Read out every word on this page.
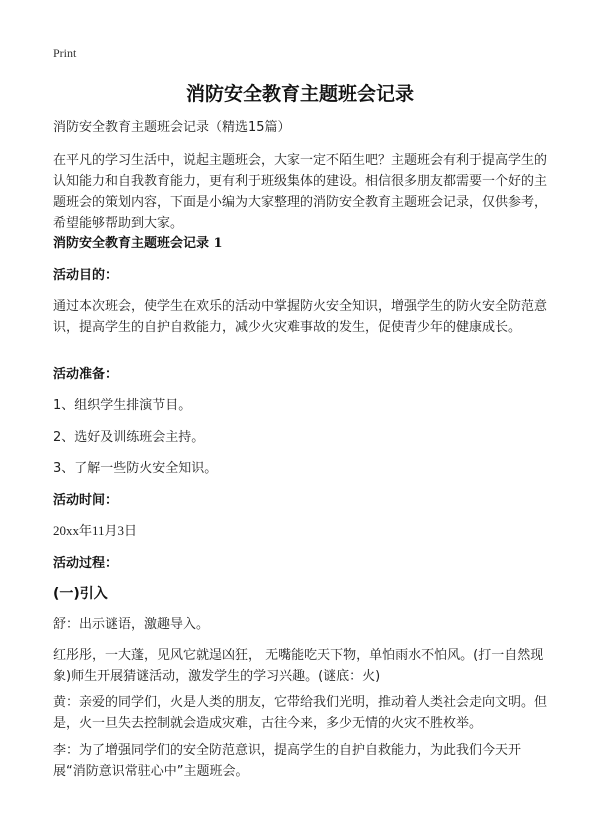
Print
消防安全教育主题班会记录
消防安全教育主题班会记录（精选15篇）
在平凡的学习生活中，说起主题班会，大家一定不陌生吧？主题班会有利于提高学生的认知能力和自我教育能力，更有利于班级集体的建设。相信很多朋友都需要一个好的主题班会的策划内容，下面是小编为大家整理的消防安全教育主题班会记录，仅供参考，希望能够帮助到大家。
消防安全教育主题班会记录 1
活动目的：
通过本次班会，使学生在欢乐的活动中掌握防火安全知识，增强学生的防火安全防范意识，提高学生的自护自救能力，减少火灾难事故的发生，促使青少年的健康成长。
活动准备：
1、组织学生排演节目。
2、选好及训练班会主持。
3、了解一些防火安全知识。
活动时间：
20xx年11月3日
活动过程：
(一)引入
舒：出示谜语，激趣导入。
红彤彤，一大蓬，见风它就逞凶狂， 无嘴能吃天下物，单怕雨水不怕风。(打一自然现象)师生开展猜谜活动，激发学生的学习兴趣。(谜底：火)
黄：亲爱的同学们，火是人类的朋友，它带给我们光明，推动着人类社会走向文明。但是，火一旦失去控制就会造成灾难，古往今来，多少无情的火灾不胜枚举。
李：为了增强同学们的安全防范意识，提高学生的自护自救能力，为此我们今天开展“消防意识常驻心中”主题班会。
